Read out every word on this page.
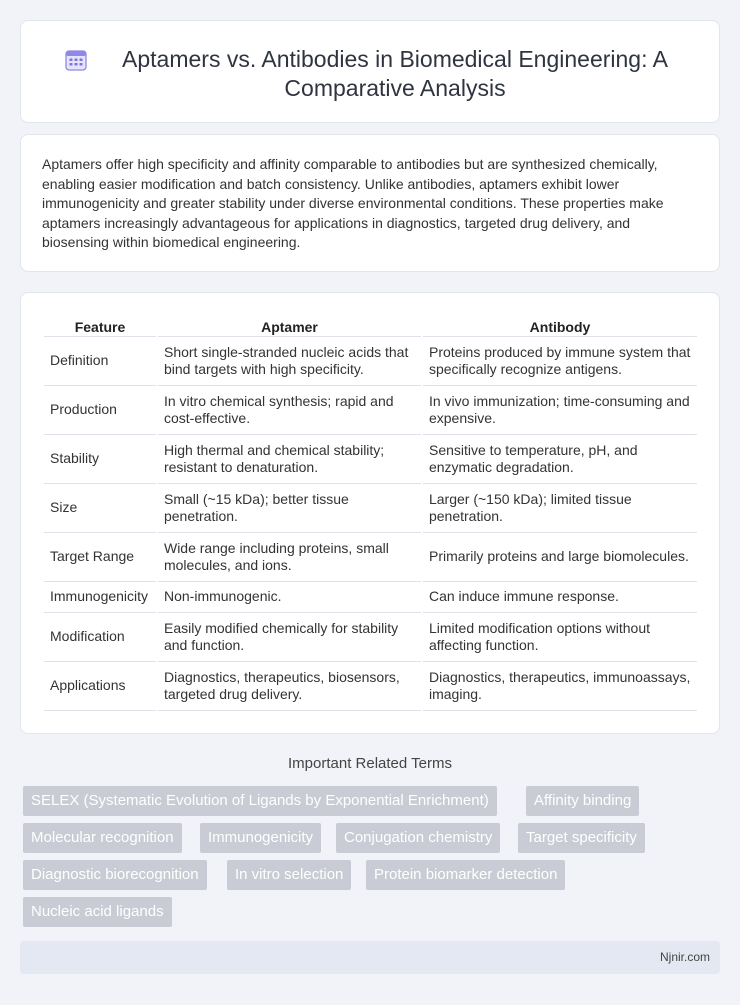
Aptamers vs. Antibodies in Biomedical Engineering: A Comparative Analysis

Aptamers offer high specificity and affinity comparable to antibodies but are synthesized chemically, enabling easier modification and batch consistency. Unlike antibodies, aptamers exhibit lower immunogenicity and greater stability under diverse environmental conditions. These properties make aptamers increasingly advantageous for applications in diagnostics, targeted drug delivery, and biosensing within biomedical engineering.

Feature	Aptamer	Antibody
Definition	Short single-stranded nucleic acids that bind targets with high specificity.	Proteins produced by immune system that specifically recognize antigens.
Production	In vitro chemical synthesis; rapid and cost-effective.	In vivo immunization; time-consuming and expensive.
Stability	High thermal and chemical stability; resistant to denaturation.	Sensitive to temperature, pH, and enzymatic degradation.
Size	Small (~15 kDa); better tissue penetration.	Larger (~150 kDa); limited tissue penetration.
Target Range	Wide range including proteins, small molecules, and ions.	Primarily proteins and large biomolecules.
Immunogenicity	Non-immunogenic.	Can induce immune response.
Modification	Easily modified chemically for stability and function.	Limited modification options without affecting function.
Applications	Diagnostics, therapeutics, biosensors, targeted drug delivery.	Diagnostics, therapeutics, immunoassays, imaging.
Important Related Terms
SELEX (Systematic Evolution of Ligands by Exponential Enrichment)	Affinity binding
Molecular recognition	Immunogenicity	Conjugation chemistry	Target specificity
Diagnostic biorecognition	In vitro selection	Protein biomarker detection
Nucleic acid ligands
Njnir.com
